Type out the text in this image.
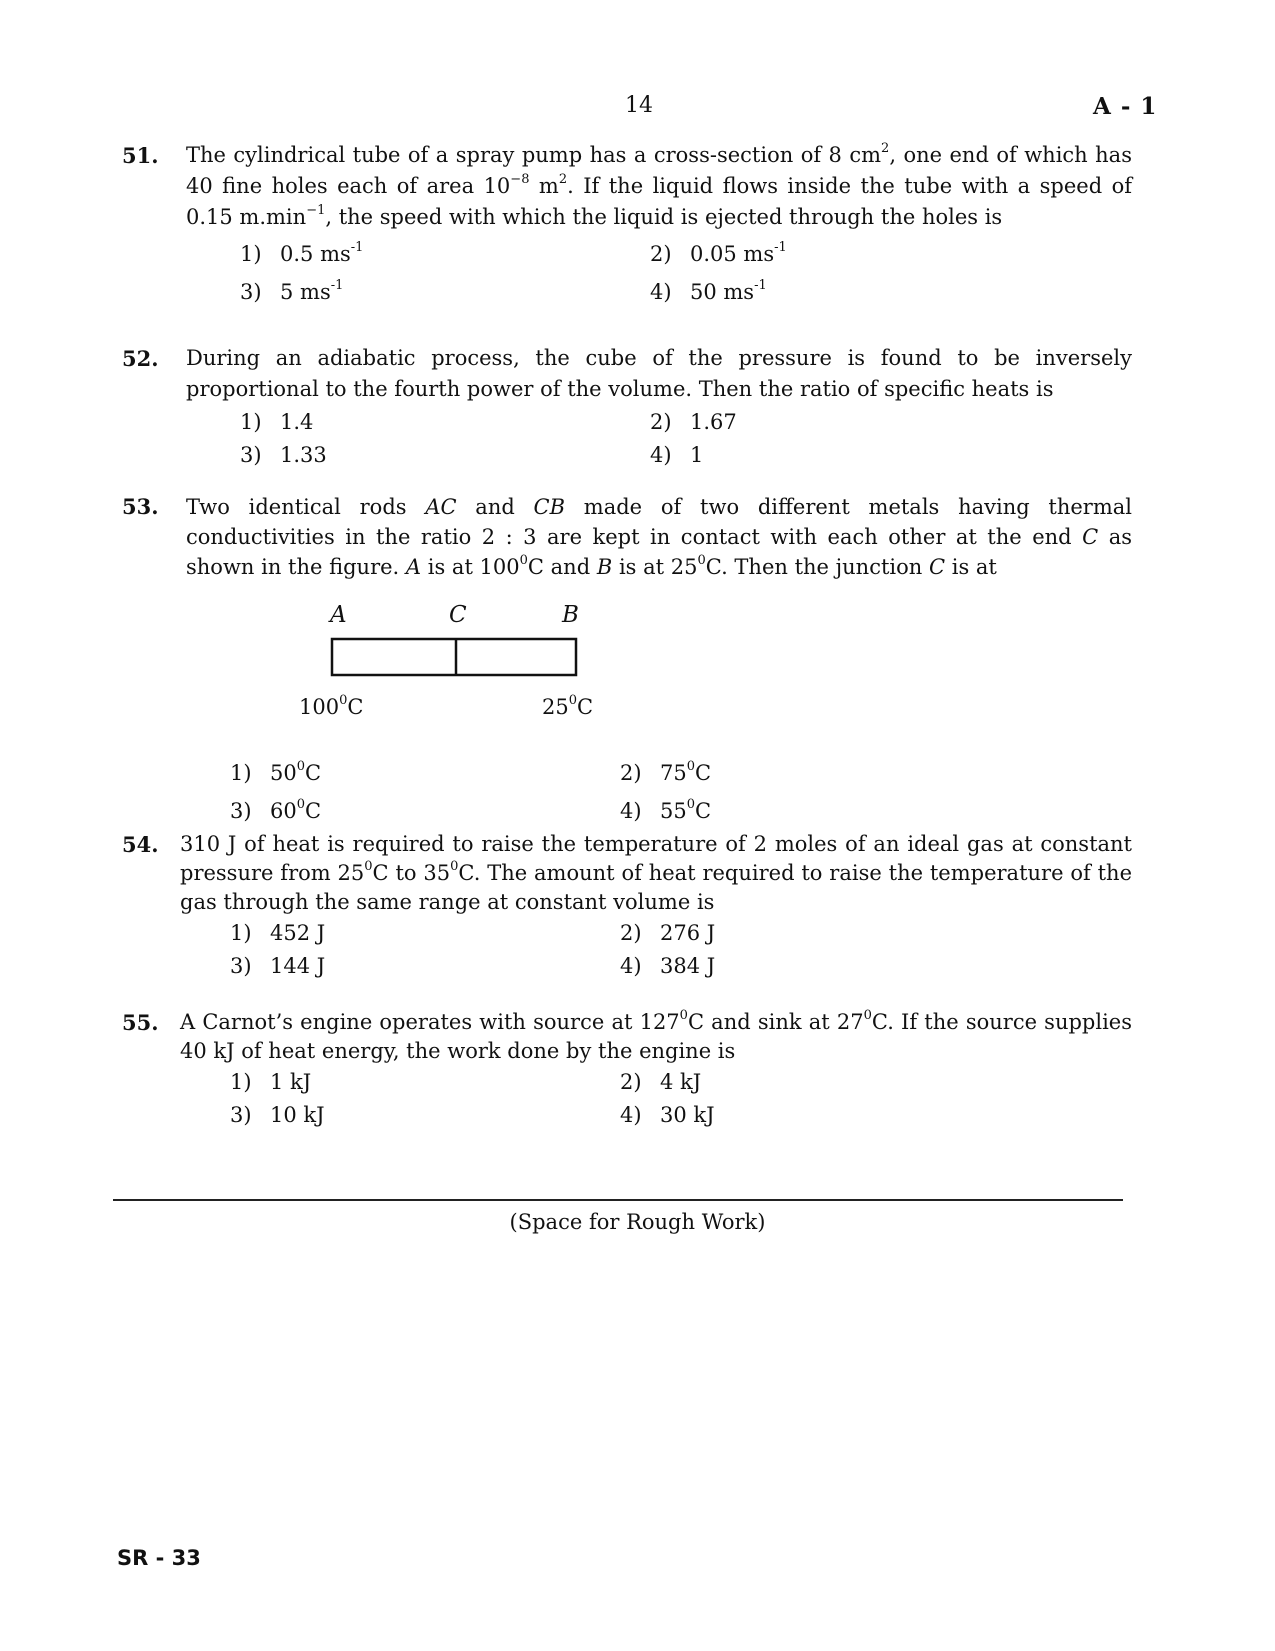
14	A - 1
51. The cylindrical tube of a spray pump has a cross-section of 8 $cm^2$, one end of which has 40 fine holes each of area $10^{-8}$ $m^2$. If the liquid flows inside the tube with a speed of 0.15 $m.\min^{-1}$, the speed with which the liquid is ejected through the holes is
1) 0.5 $ms^{-1}$	2) 0.05 $ms^{-1}$
3) 5 $ms^{-1}$	4) 50 $ms^{-1}$
52. During an adiabatic process, the cube of the pressure is found to be inversely proportional to the fourth power of the volume. Then the ratio of specific heats is
1) 1.4	2) 1.67
3) 1.33	4) 1
53. Two identical rods AC and CB made of two different metals having thermal conductivities in the ratio 2 : 3 are kept in contact with each other at the end C as shown in the figure. A is at $100^0C$ and B is at $25^0C$. Then the junction C is at
A	C	B
$100^0C$	$25^0C$
1) $50^0C$	2) $75^0C$
3) $60^0C$	4) $55^0C$
54. 310 J of heat is required to raise the temperature of 2 moles of an ideal gas at constant pressure from $25^0C$ to $35^0C$. The amount of heat required to raise the temperature of the gas through the same range at constant volume is
1) 452 J	2) 276 J
3) 144 J	4) 384 J
55. A Carnot’s engine operates with source at $127^0C$ and sink at $27^0C$. If the source supplies 40 kJ of heat energy, the work done by the engine is
1) 1 kJ	2) 4 kJ
3) 10 kJ	4) 30 kJ
(Space for Rough Work)
SR - 33
